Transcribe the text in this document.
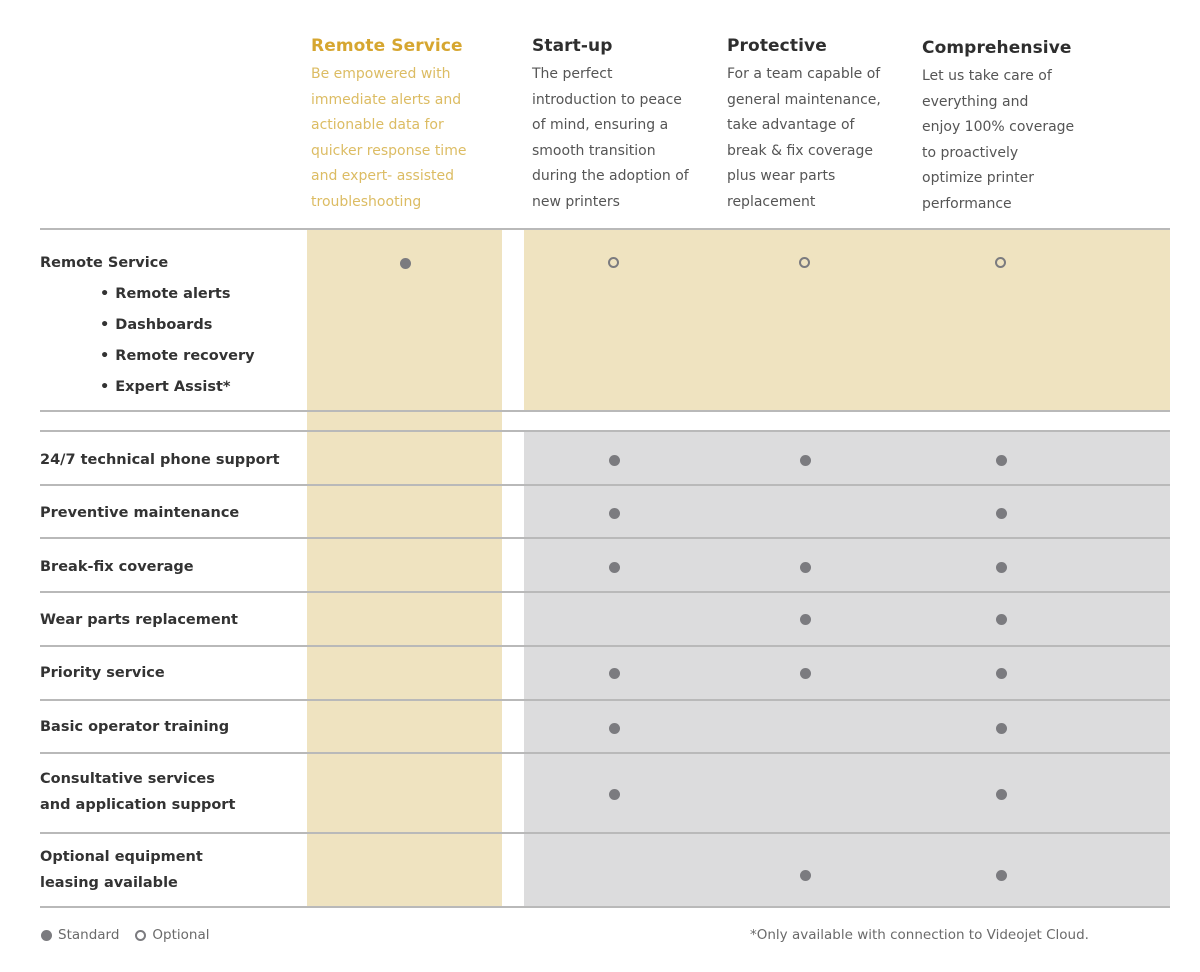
Remote Service
Be empowered with
immediate alerts and
actionable data for
quicker response time
and expert- assisted
troubleshooting
Start-up
The perfect
introduction to peace
of mind, ensuring a
smooth transition
during the adoption of
new printers
Protective
For a team capable of
general maintenance,
take advantage of
break & fix coverage
plus wear parts
replacement
Comprehensive
Let us take care of
everything and
enjoy 100% coverage
to proactively
optimize printer
performance
Remote Service
• Remote alerts
• Dashboards
• Remote recovery
• Expert Assist*
24/7 technical phone support
Preventive maintenance
Break-fix coverage
Wear parts replacement
Priority service
Basic operator training
Consultative services
and application support
Optional equipment
leasing available
Standard Optional	*Only available with connection to Videojet Cloud.
